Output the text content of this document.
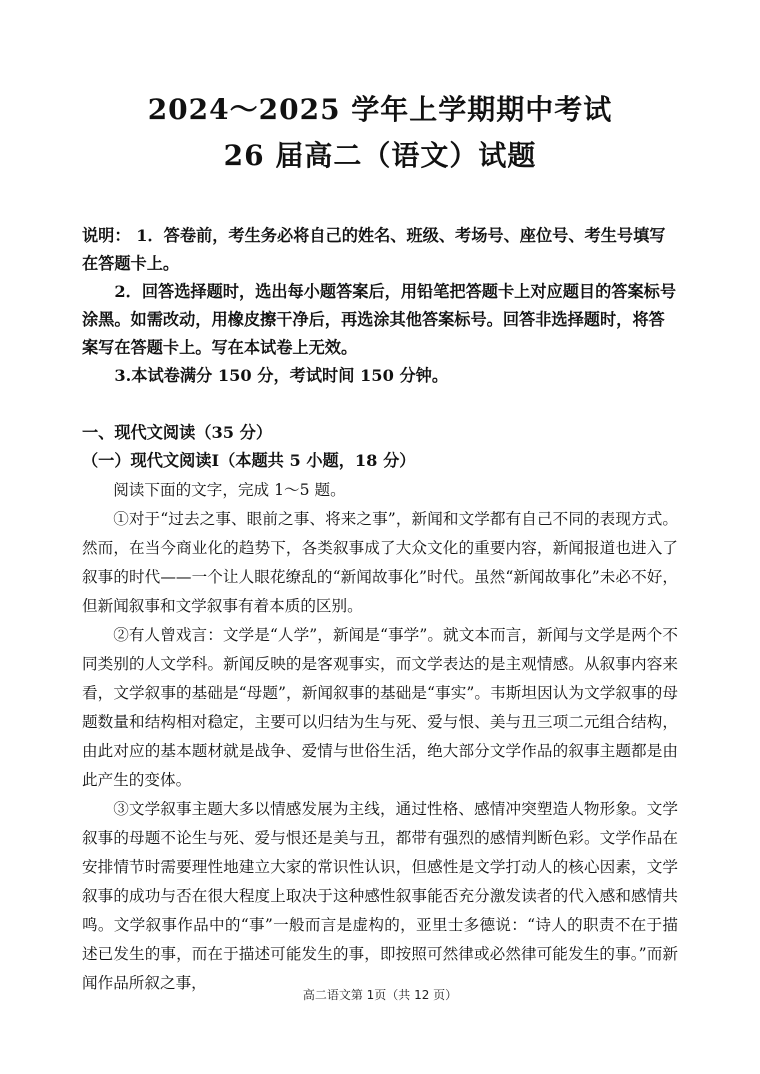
2024～2025 学年上学期期中考试
26 届高二（语文）试题

说明： 1．答卷前，考生务必将自己的姓名、班级、考场号、座位号、考生号填写在答题卡上。

2．回答选择题时，选出每小题答案后，用铅笔把答题卡上对应题目的答案标号涂黑。如需改动，用橡皮擦干净后，再选涂其他答案标号。回答非选择题时，将答案写在答题卡上。写在本试卷上无效。

3.本试卷满分 150 分，考试时间 150 分钟。

一、现代文阅读（35 分）

（一）现代文阅读Ⅰ（本题共 5 小题，18 分）

阅读下面的文字，完成 1～5 题。

①对于“过去之事、眼前之事、将来之事”，新闻和文学都有自己不同的表现方式。然而，在当今商业化的趋势下，各类叙事成了大众文化的重要内容，新闻报道也进入了叙事的时代——一个让人眼花缭乱的“新闻故事化”时代。虽然“新闻故事化”未必不好，但新闻叙事和文学叙事有着本质的区别。

②有人曾戏言：文学是“人学”，新闻是“事学”。就文本而言，新闻与文学是两个不同类别的人文学科。新闻反映的是客观事实，而文学表达的是主观情感。从叙事内容来看，文学叙事的基础是“母题”，新闻叙事的基础是“事实”。韦斯坦因认为文学叙事的母题数量和结构相对稳定，主要可以归结为生与死、爱与恨、美与丑三项二元组合结构，由此对应的基本题材就是战争、爱情与世俗生活，绝大部分文学作品的叙事主题都是由此产生的变体。

③文学叙事主题大多以情感发展为主线，通过性格、感情冲突塑造人物形象。文学叙事的母题不论生与死、爱与恨还是美与丑，都带有强烈的感情判断色彩。文学作品在安排情节时需要理性地建立大家的常识性认识，但感性是文学打动人的核心因素，文学叙事的成功与否在很大程度上取决于这种感性叙事能否充分激发读者的代入感和感情共鸣。文学叙事作品中的“事”一般而言是虚构的，亚里士多德说：“诗人的职责不在于描述已发生的事，而在于描述可能发生的事，即按照可然律或必然律可能发生的事。”而新闻作品所叙之事，

高二语文第 1页（共 12 页）
